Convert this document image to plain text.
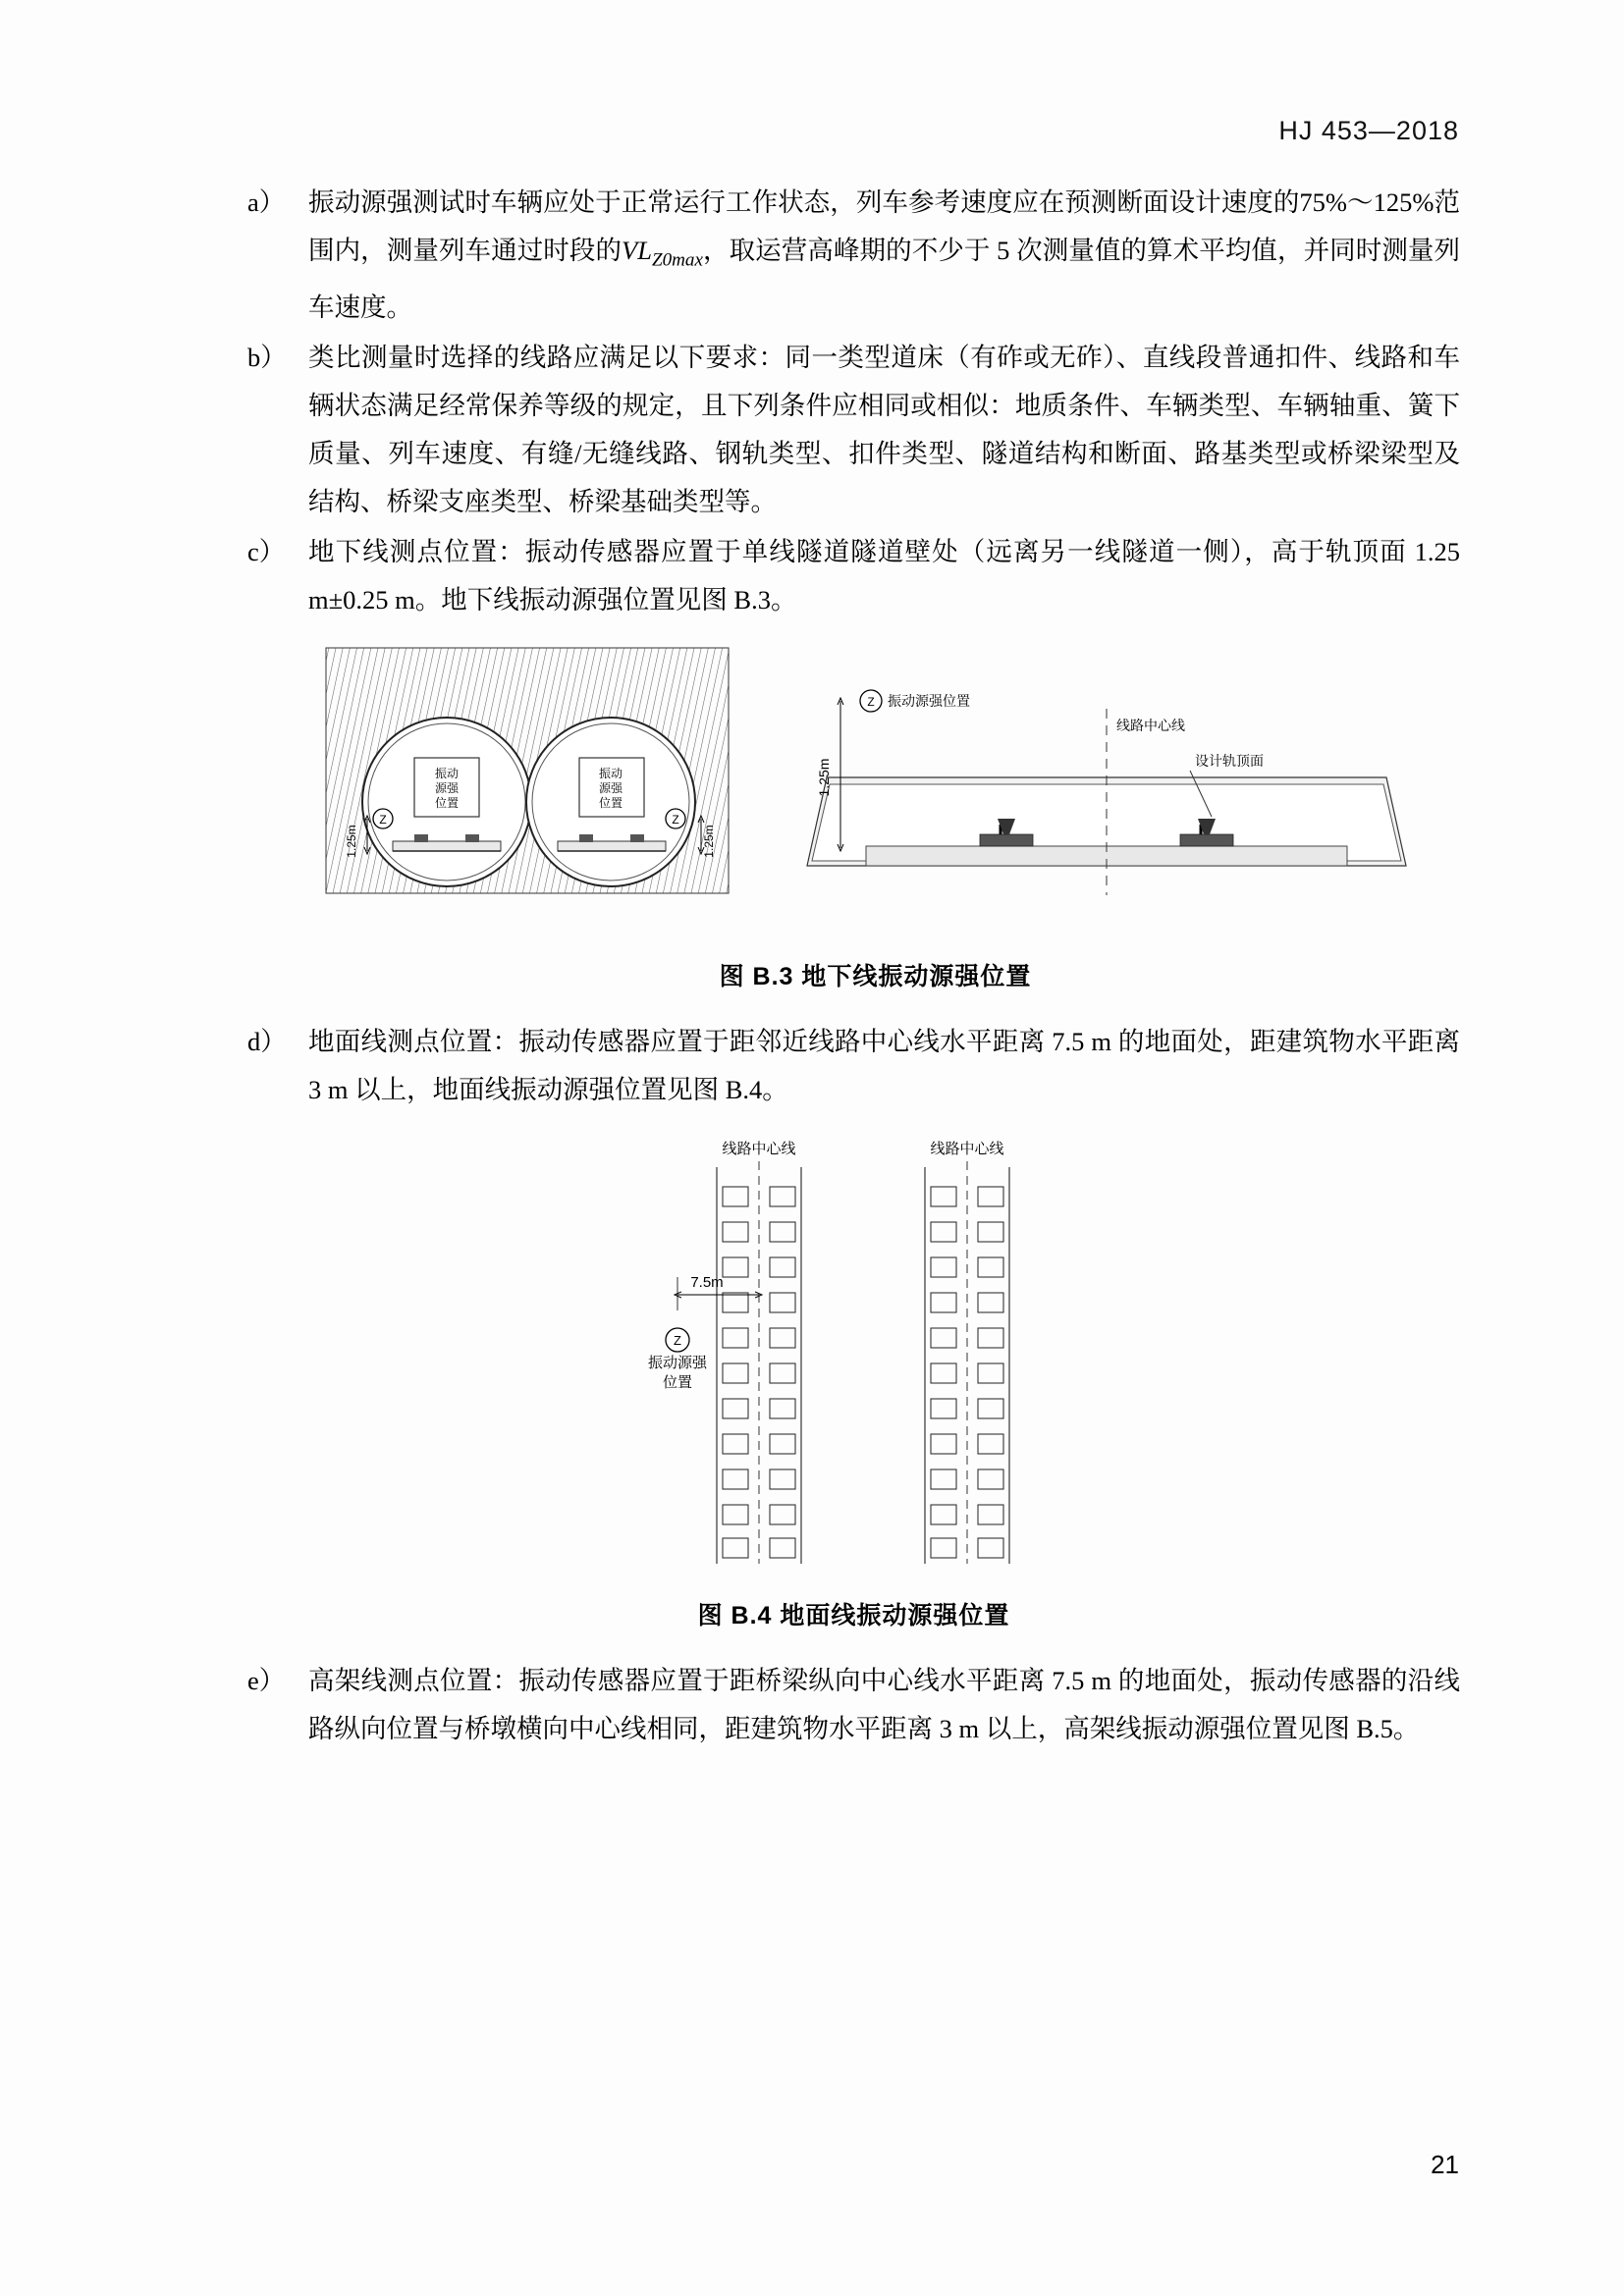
HJ 453—2018
a） 振动源强测试时车辆应处于正常运行工作状态，列车参考速度应在预测断面设计速度的75%～125%范围内，测量列车通过时段的$VL_{Z0max}$，取运营高峰期的不少于 5 次测量值的算术平均值，并同时测量列车速度。
b） 类比测量时选择的线路应满足以下要求：同一类型道床（有砟或无砟）、直线段普通扣件、线路和车辆状态满足经常保养等级的规定，且下列条件应相同或相似：地质条件、车辆类型、车辆轴重、簧下质量、列车速度、有缝/无缝线路、钢轨类型、扣件类型、隧道结构和断面、路基类型或桥梁梁型及结构、桥梁支座类型、桥梁基础类型等。
c） 地下线测点位置：振动传感器应置于单线隧道隧道壁处（远离另一线隧道一侧），高于轨顶面 1.25 m±0.25 m。地下线振动源强位置见图 B.3。
振动
源强
位置
Z
1.25m
振动
源强
位置
Z
1.25m
Z 振动源强位置
线路中心线
设计轨顶面
1.25m
图 B.3 地下线振动源强位置
d） 地面线测点位置：振动传感器应置于距邻近线路中心线水平距离 7.5 m 的地面处，距建筑物水平距离 3 m 以上，地面线振动源强位置见图 B.4。
线路中心线	线路中心线
7.5m
Z
振动源强
位置
图 B.4 地面线振动源强位置
e） 高架线测点位置：振动传感器应置于距桥梁纵向中心线水平距离 7.5 m 的地面处，振动传感器的沿线路纵向位置与桥墩横向中心线相同，距建筑物水平距离 3 m 以上，高架线振动源强位置见图 B.5。
21
